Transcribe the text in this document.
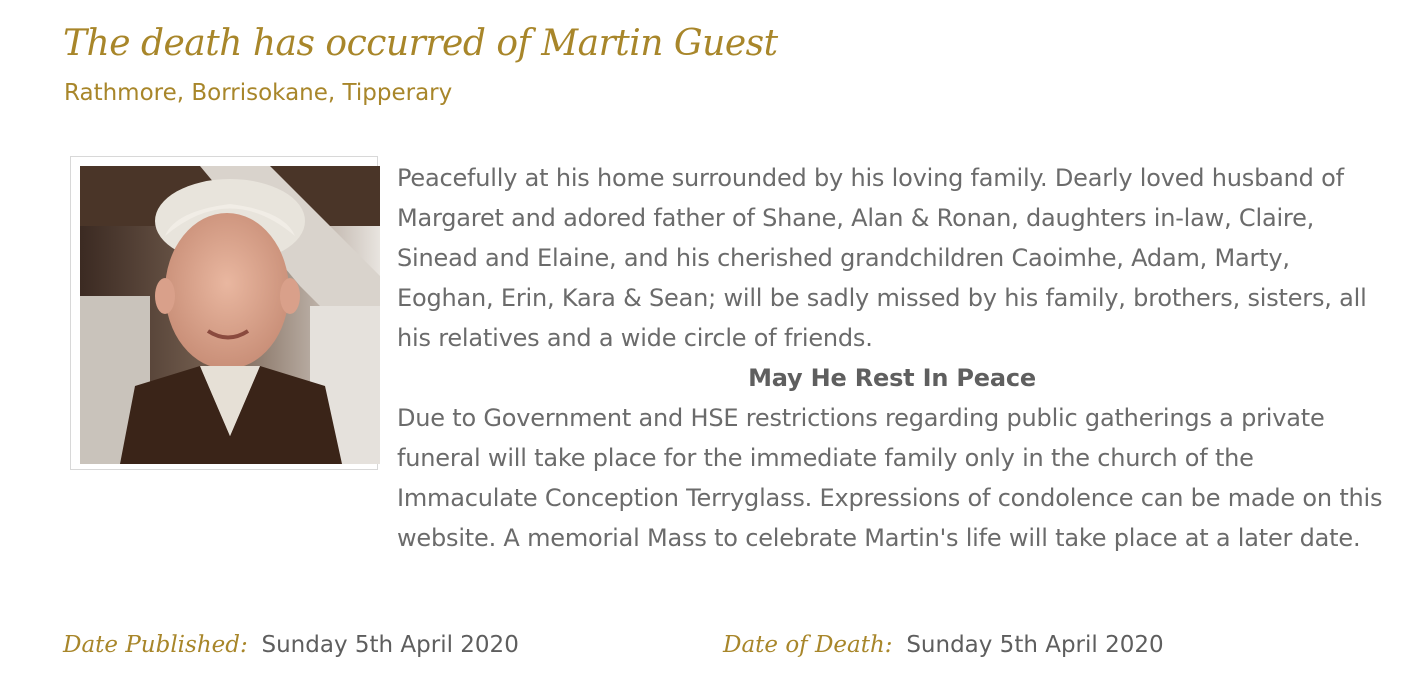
The death has occurred of Martin Guest
Rathmore, Borrisokane, Tipperary

Peacefully at his home surrounded by his loving family. Dearly loved husband of Margaret and adored father of Shane, Alan & Ronan, daughters in-law, Claire, Sinead and Elaine, and his cherished grandchildren Caoimhe, Adam, Marty, Eoghan, Erin, Kara & Sean; will be sadly missed by his family, brothers, sisters, all his relatives and a wide circle of friends.

May He Rest In Peace

Due to Government and HSE restrictions regarding public gatherings a private funeral will take place for the immediate family only in the church of the Immaculate Conception Terryglass. Expressions of condolence can be made on this website. A memorial Mass to celebrate Martin's life will take place at a later date.

Date Published: Sunday 5th April 2020	Date of Death: Sunday 5th April 2020
